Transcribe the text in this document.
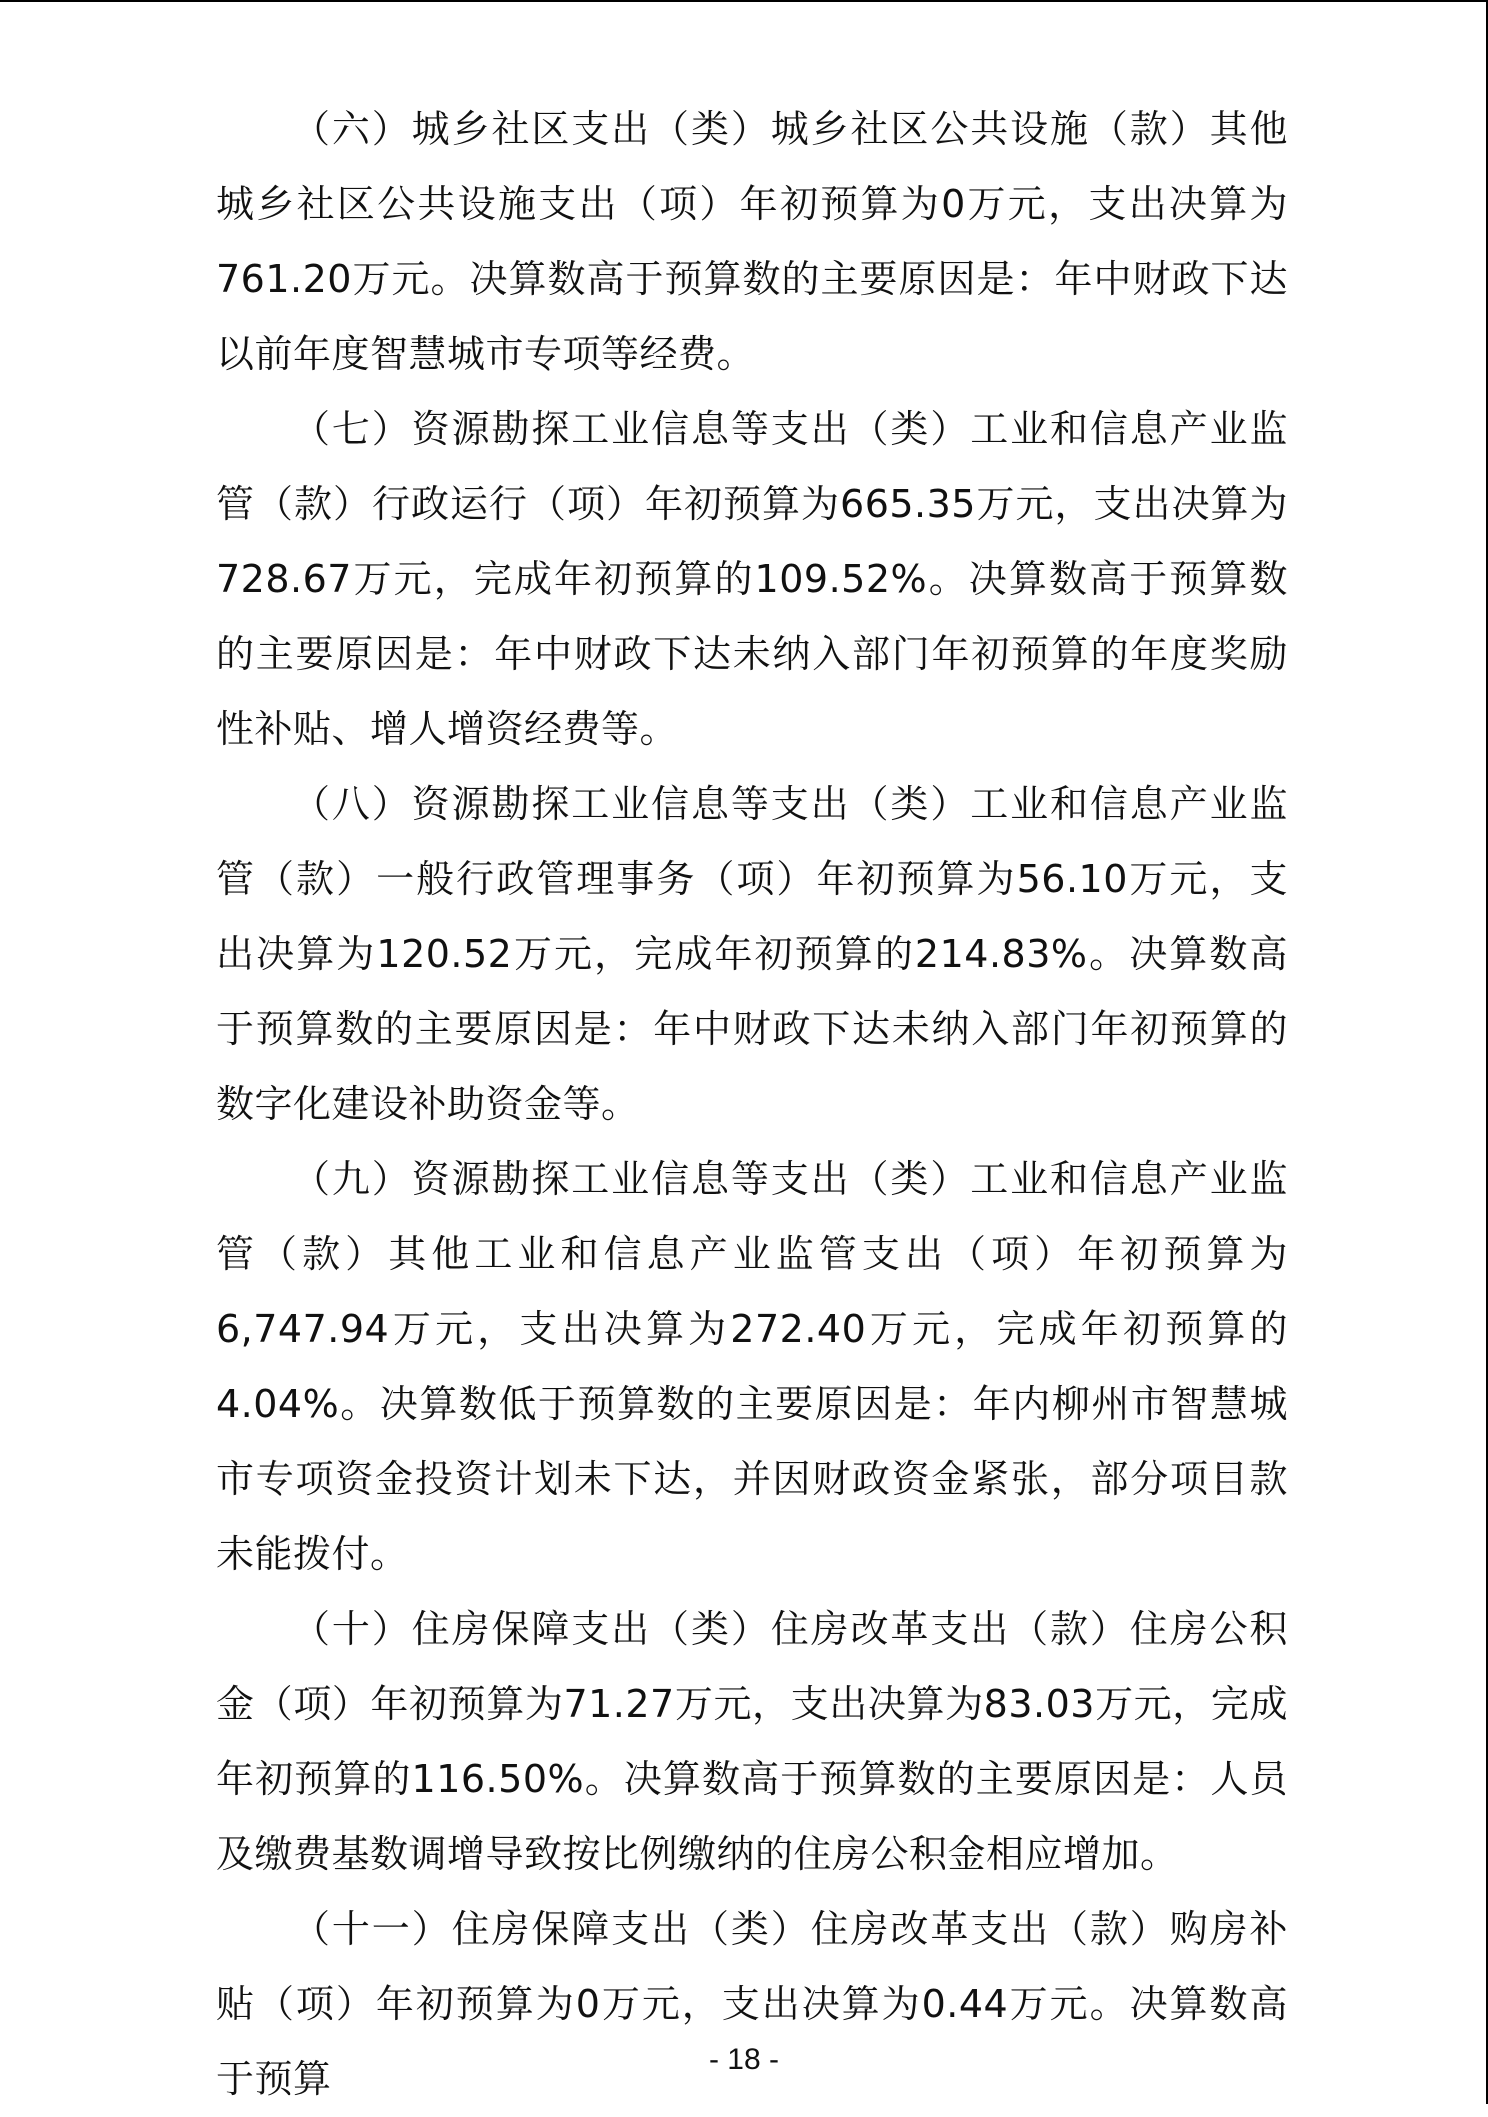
（六）城乡社区支出（类）城乡社区公共设施（款）其他城乡社区公共设施支出（项）年初预算为0万元，支出决算为761.20万元。决算数高于预算数的主要原因是：年中财政下达以前年度智慧城市专项等经费。

（七）资源勘探工业信息等支出（类）工业和信息产业监管（款）行政运行（项）年初预算为665.35万元，支出决算为728.67万元，完成年初预算的109.52%。决算数高于预算数的主要原因是：年中财政下达未纳入部门年初预算的年度奖励性补贴、增人增资经费等。

（八）资源勘探工业信息等支出（类）工业和信息产业监管（款）一般行政管理事务（项）年初预算为56.10万元，支出决算为120.52万元，完成年初预算的214.83%。决算数高于预算数的主要原因是：年中财政下达未纳入部门年初预算的数字化建设补助资金等。

（九）资源勘探工业信息等支出（类）工业和信息产业监管（款）其他工业和信息产业监管支出（项）年初预算为6,747.94万元，支出决算为272.40万元，完成年初预算的4.04%。决算数低于预算数的主要原因是：年内柳州市智慧城市专项资金投资计划未下达，并因财政资金紧张，部分项目款未能拨付。

（十）住房保障支出（类）住房改革支出（款）住房公积金（项）年初预算为71.27万元，支出决算为83.03万元，完成年初预算的116.50%。决算数高于预算数的主要原因是：人员及缴费基数调增导致按比例缴纳的住房公积金相应增加。

（十一）住房保障支出（类）住房改革支出（款）购房补贴（项）年初预算为0万元，支出决算为0.44万元。决算数高于预算	- 18 -
